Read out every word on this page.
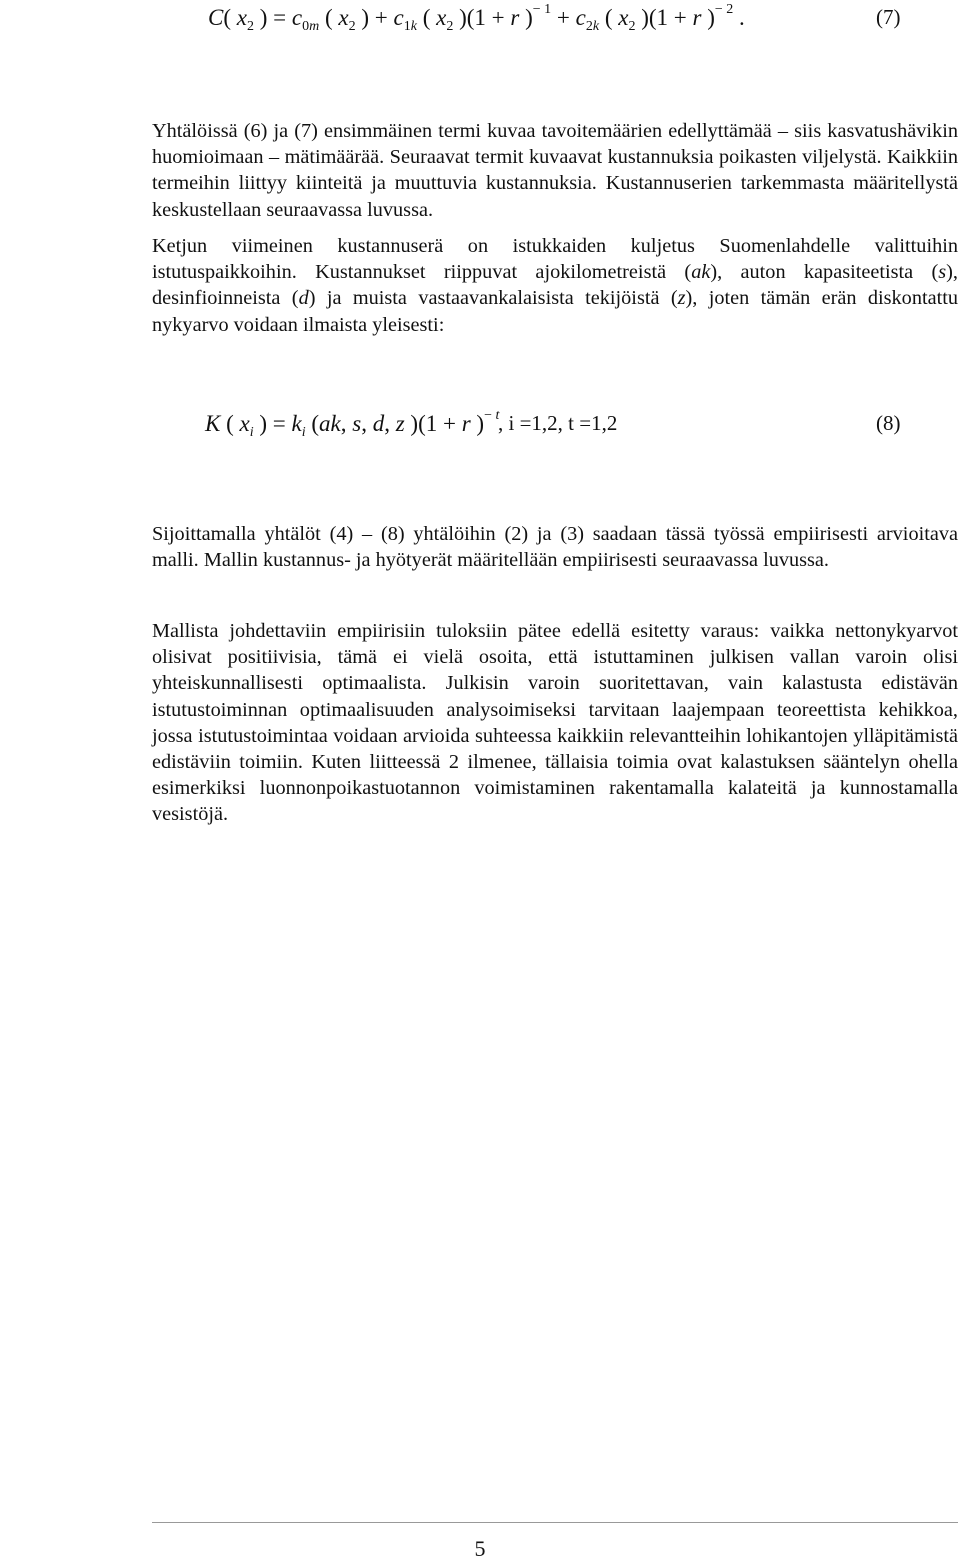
C( $x_2$ ) = $c_{0m}$ ( $x_2$ ) + $c_{1k}$ ( $x_2$ )(1 + r )$^{- 1} + c_{2k}$ ( $x_2$ )(1 + r )$^{- 2}$ .	(7)

Yhtälöissä (6) ja (7) ensimmäinen termi kuvaa tavoitemäärien edellyttämää – siis kasvatushävikin huomioimaan – mätimäärää. Seuraavat termit kuvaavat kustannuksia poikasten viljelystä. Kaikkiin termeihin liittyy kiinteitä ja muuttuvia kustannuksia. Kustannuserien tarkemmasta määritellystä keskustellaan seuraavassa luvussa.

Ketjun viimeinen kustannuserä on istukkaiden kuljetus Suomenlahdelle valittuihin istutuspaikkoihin. Kustannukset riippuvat ajokilometreistä (ak), auton kapasiteetista (s), desinfioinneista (d) ja muista vastaavankalaisista tekijöistä (z), joten tämän erän diskontattu nykyarvo voidaan ilmaista yleisesti:

K ( $x_i$ ) = $k_i$ (ak, s, d, z )(1 + r )$^{- t}$
, i =1,2, t =1,2	(8)

Sijoittamalla yhtälöt (4) – (8) yhtälöihin (2) ja (3) saadaan tässä työssä empiirisesti arvioitava malli. Mallin kustannus- ja hyötyerät määritellään empiirisesti seuraavassa luvussa.

Mallista johdettaviin empiirisiin tuloksiin pätee edellä esitetty varaus: vaikka nettonykyarvot olisivat positiivisia, tämä ei vielä osoita, että istuttaminen julkisen vallan varoin olisi yhteiskunnallisesti optimaalista. Julkisin varoin suoritettavan, vain kalastusta edistävän istutustoiminnan optimaalisuuden analysoimiseksi tarvitaan laajempaan teoreettista kehikkoa, jossa istutustoimintaa voidaan arvioida suhteessa kaikkiin relevantteihin lohikantojen ylläpitämistä edistäviin toimiin. Kuten liitteessä 2 ilmenee, tällaisia toimia ovat kalastuksen sääntelyn ohella esimerkiksi luonnonpoikastuotannon voimistaminen rakentamalla kalateitä ja kunnostamalla vesistöjä.

5
